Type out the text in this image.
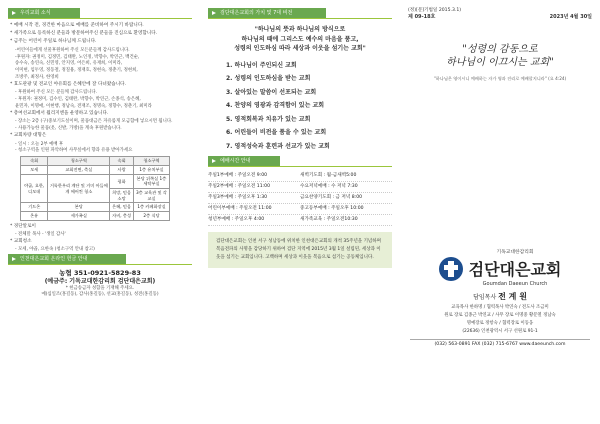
우리교회 소식

* 예배 시작 전, 경건한 마음으로 예배를 준비하여 주시기 바랍니다.

* 새가족으로 등록하신 분들과 방문하여주신 분들을 진심으로 환영합니다.

* 금주는 어린이 주일로 하나님께 드립니다.

-어린이들에게 선물후원하여 주신 모든분들께 감사드립니다.

-후원자: 권정미, 김정민, 김태완, 노인정, 박향수, 박연근, 백건순,

송수숙, 송연숙, 신민영, 안지영, 어은희, 유재희, 이미라,

이미현, 임두영, 정동철, 정칠용, 정재호, 정현숙, 정춘기, 정현희,

조방주, 최정사, 한영희

* 효도관광 및 전교인 야유회를 은혜안에 잘 다녀왔습니다.

- 후원하여 주신 모든 분들께 감사드립니다.

- 후원자: 권정미, 김수인, 김태완, 박향수, 박연근, 손종석, 송은혜,

윤민자, 이명애, 이현행, 정남숙, 전재조, 정명숙, 정향수, 정춘기, 최미라

* 총여선교회에서 월리지엔을 운영하고 있습니다.

- 장소는 2층 (구)중보기도실이며, 물품대금은 자유롭게 모금함에 넣으시면 됩니다.

- 사용가능한 물품(옷, 신발, 가방)을 계속 후원받습니다.

* 교회차량 대형은

- 일시 : 오늘 2부 예배 후

- 청소구역을 인원 파악하여 사무실에서 향과 유용 받아가세요

속회	청소구역	속회	청소구역
모세	교회전면, 측실	사랑	1층 유치부실
야곱, 요한, 디모데	거룩한우리 계단 및 거미 아들에게 에어컨 청소	평화	본당 뒤쪽실 1층 세탁부실
		희망, 믿음 소망	3층 교육관 및 각교실
기드온	본당	은혜, 믿음	1층 카페화장실
온유	세가족실	자비, 충성	2층 식당

* 경단알로이

- 전체말 목사 - '생일 감사'

* 교회청소

- 모세, 야곱, 요한속 (청소구역 안내 참고)

인천대은교회 온라인 헌금 안내
농협 351-0921-5829-83
(예금주: 기독교대한감리회 검단대은교회)
* 헌금송금자 성함을 기재해 주세요.
예)십일조(홍길동), 감사(홍길동), 선교(홍길동), 성전(홍길동)
검단대은교회의 가치 및 7대 비전
"하나님의 뜻과 하나님의 방식으로
하나님의 때에 그리스도 예수의 마음을 품고,
성령의 인도하심 따라 세상과 이웃을 섬기는 교회"
1. 하나님이 주인되신 교회
2. 성령의 인도하심을 받는 교회
3. 살아있는 말씀이 선포되는 교회
4. 찬양의 영광과 감격함이 있는 교회
5. 영적회복과 치유가 있는 교회
6. 어린들이 비전을 품을 수 있는 교회
7. 영적성숙과 훈련과 선교가 있는 교회
예배시간 안내
주일1부예배 : 주일오전 9:00	새벽기도회 : 월-금새벽5:00
주일2부예배 : 주일오전 11:00	수요저녁예배 : 수 저녁 7:30
주일3부예배 : 주일오후 1:30	금요찬양기도회 : 금 저녁 8:00
어린이부예배 : 주일오전 11:00	중고등부예배 : 주일오후 10:00
청년부예배 : 주일오후 4:00	새가족교육 : 주일오전10:30
검단대은교회는 인천 서구 성남동에 위치한 인천대은교회의 개척 35주년을 기념하며 복음전파의 사명을 감당하기 위하여 검단 지역에 2015년 3월 1일 설립된, 세상과 이웃을 섬기는 교회입니다. 고백하며 세상과 이웃을 복음으로 섬기는 공동체입니다.
(정)[문]기법일 2015.3.1)
제 09-18호	2023년 4월 30일
"성령의 감동으로
하나님이 이끄시는 교회"
"하나님은 영이시니 예배하는 자가 영과 진리로 예배할지니라" (요 4:24)
기독교대한감리회
검단대은교회
Goumdan Daeeun Church
담임목사 전 계 원

교육목사 한하명 / 협력목사 박연숙 / 전도사 조금미

원로 장로 김종근 박연교 / 사무 장로 이명중 황문열 정남숙

명예장로 정항숙 / 협력장로 이동웅

(22636) 인천광역시 서구 선원로 91-1

(032) 563-0891 FAX (032) 715-6767 www.daeeunch.com
